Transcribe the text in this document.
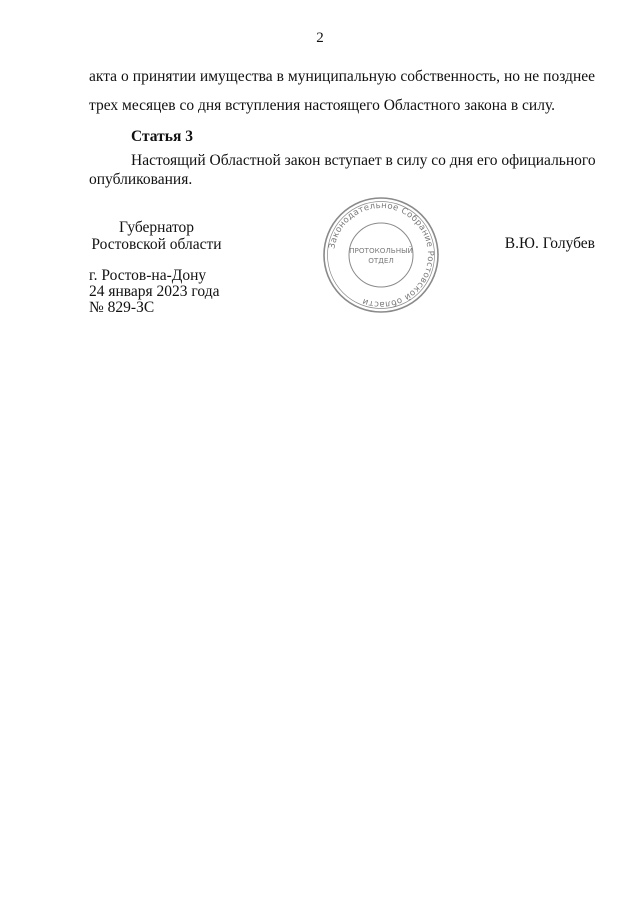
2
акта о принятии имущества в муниципальную собственность, но не позднее
трех месяцев со дня вступления настоящего Областного закона в силу.
Статья 3
Настоящий Областной закон вступает в силу со дня его официального
опубликования.
Губернатор
Ростовской области	Законодательное Собрание Ростовской области
ПРОТОКОЛЬНЫЙ
ОТДЕЛ
В.Ю. Голубев
г. Ростов-на-Дону
24 января 2023 года
№ 829-ЗС
